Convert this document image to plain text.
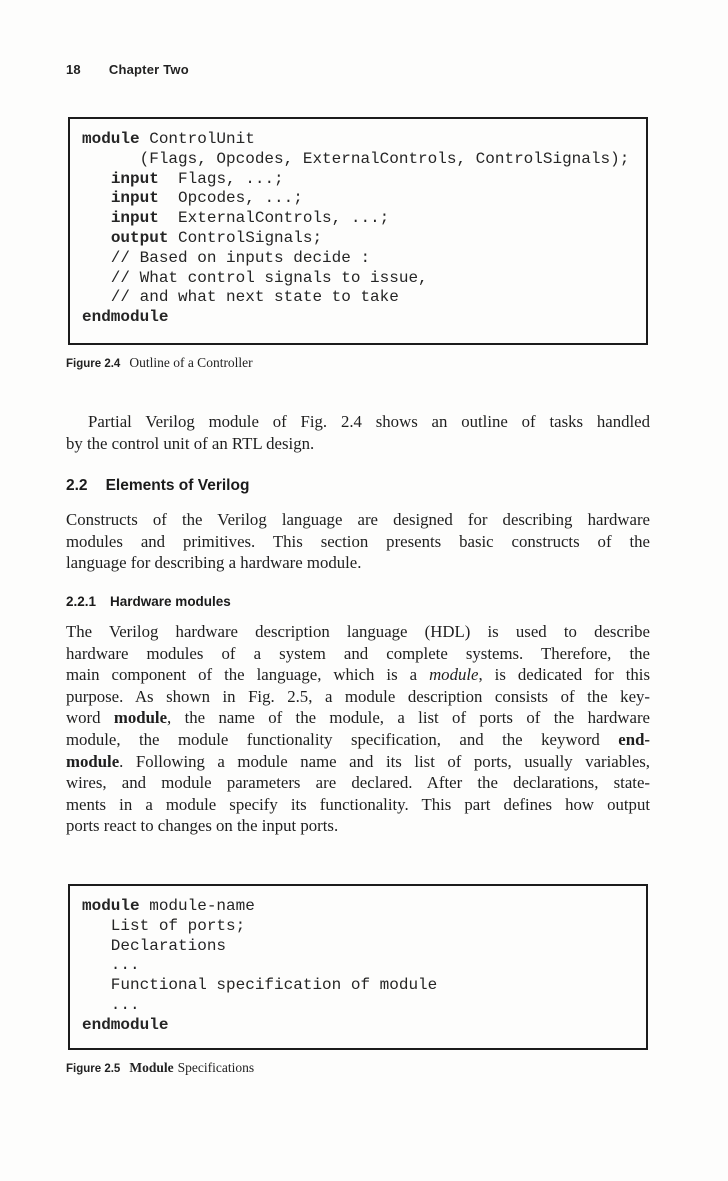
18 Chapter Two
module ControlUnit
(Flags, Opcodes, ExternalControls, ControlSignals);
input  Flags, ...;
input  Opcodes, ...;
input  ExternalControls, ...;
output ControlSignals;
// Based on inputs decide :
// What control signals to issue,
// and what next state to take
endmodule
Figure 2.4 Outline of a Controller
Partial Verilog module of Fig. 2.4 shows an outline of tasks handled
by the control unit of an RTL design.
2.2 Elements of Verilog
Constructs of the Verilog language are designed for describing hardware
modules and primitives. This section presents basic constructs of the
language for describing a hardware module.
2.2.1 Hardware modules
The Verilog hardware description language (HDL) is used to describe
hardware modules of a system and complete systems. Therefore, the
main component of the language, which is a module, is dedicated for this
purpose. As shown in Fig. 2.5, a module description consists of the key-
word module, the name of the module, a list of ports of the hardware
module, the module functionality specification, and the keyword end-
module. Following a module name and its list of ports, usually variables,
wires, and module parameters are declared. After the declarations, state-
ments in a module specify its functionality. This part defines how output
ports react to changes on the input ports.
module module-name
List of ports;
Declarations
...
Functional specification of module
...
endmodule
Figure 2.5 Module Specifications
